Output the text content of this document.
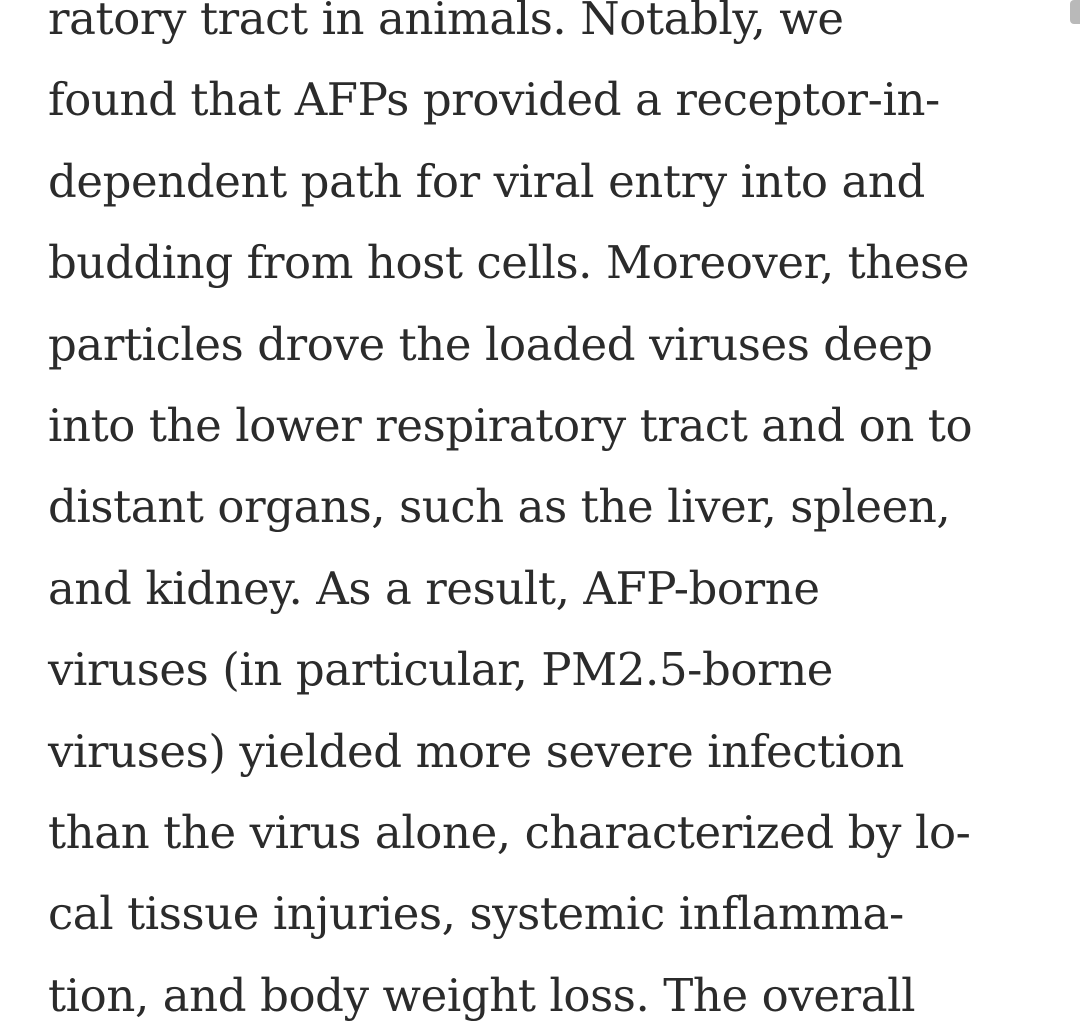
ratory tract in animals. Notably, we
found that AFPs provided a receptor-in-
dependent path for viral entry into and
budding from host cells. Moreover, these
particles drove the loaded viruses deep
into the lower respiratory tract and on to
distant organs, such as the liver, spleen,
and kidney. As a result, AFP-borne
viruses (in particular, PM2.5-borne
viruses) yielded more severe infection
than the virus alone, characterized by lo-
cal tissue injuries, systemic inflamma-
tion, and body weight loss. The overall
